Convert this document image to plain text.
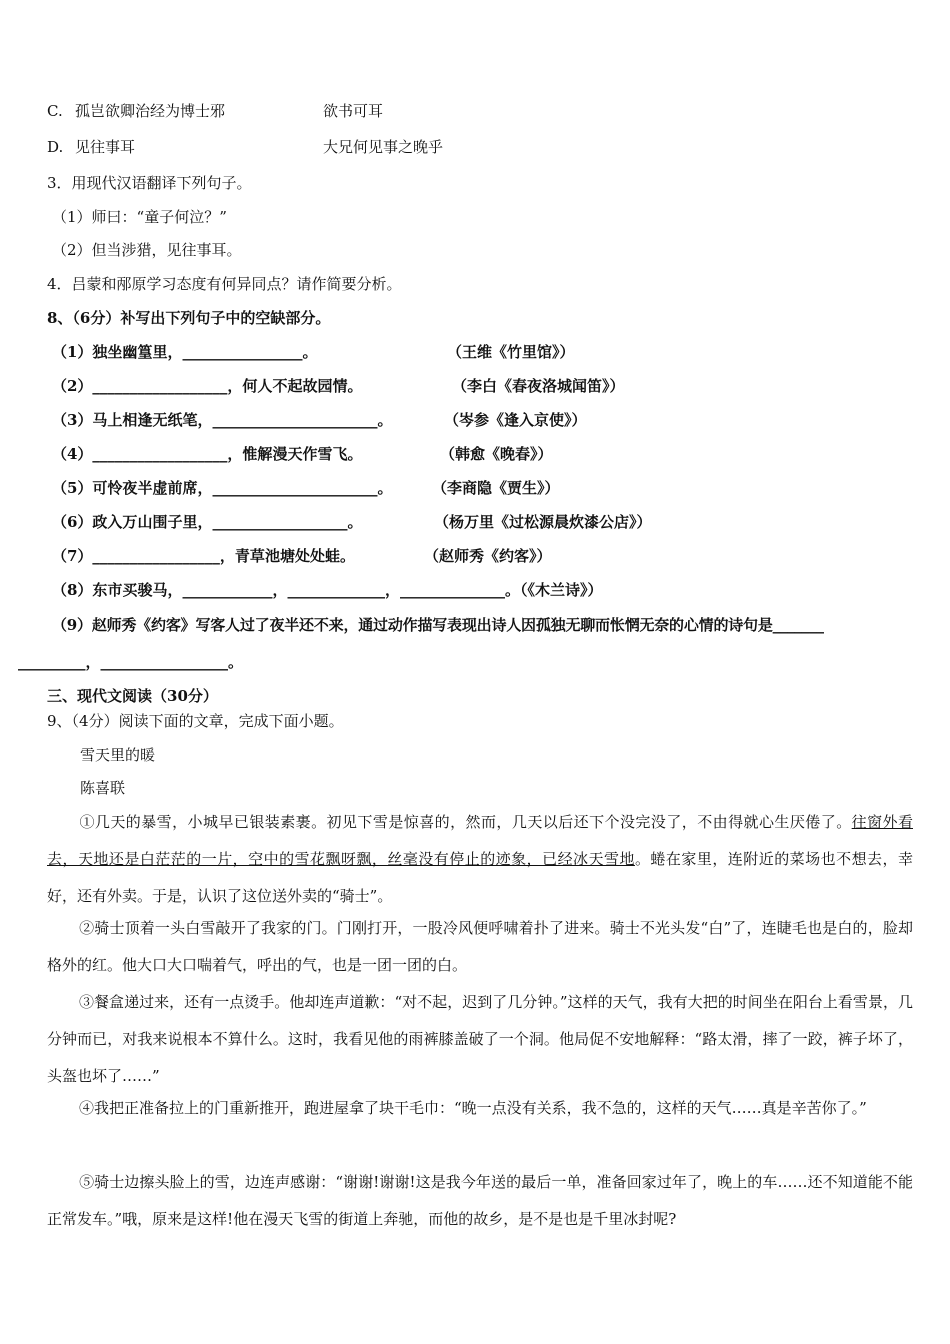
C. 孤岂欲卿治经为博士邪	欲书可耳
D. 见往事耳	大兄何见事之晚乎
3．用现代汉语翻译下列句子。
（1）师曰：“童子何泣？”
（2）但当涉猎，见往事耳。
4．吕蒙和邴原学习态度有何异同点？请作简要分析。
8、（6分）补写出下列句子中的空缺部分。
（1）独坐幽篁里，________________。	（王维《竹里馆》）
（2）__________________，何人不起故园情。	（李白《春夜洛城闻笛》）
（3）马上相逢无纸笔，______________________。	（岑参《逢入京使》）
（4）__________________，惟解漫天作雪飞。	（韩愈《晚春》）
（5）可怜夜半虚前席，______________________。	（李商隐《贾生》）
（6）政入万山围子里，__________________。	（杨万里《过松源晨炊漆公店》）
（7）_________________，青草池塘处处蛙。	（赵师秀《约客》）
（8）东市买骏马，____________，_____________，______________。（《木兰诗》）
（9）赵师秀《约客》写客人过了夜半还不来，通过动作描写表现出诗人因孤独无聊而怅惘无奈的心情的诗句是_______
_________，_________________。
三、现代文阅读（30分）
9、（4分）阅读下面的文章，完成下面小题。
雪天里的暖
陈喜联
①几天的暴雪，小城早已银装素裹。初见下雪是惊喜的，然而，几天以后还下个没完没了，不由得就心生厌倦了。往窗外看去，天地还是白茫茫的一片，空中的雪花飘呀飘，丝毫没有停止的迹象，已经冰天雪地。蜷在家里，连附近的菜场也不想去，幸好，还有外卖。于是，认识了这位送外卖的“骑士”。
②骑士顶着一头白雪敲开了我家的门。门刚打开，一股冷风便呼啸着扑了进来。骑士不光头发“白”了，连睫毛也是白的，脸却格外的红。他大口大口喘着气，呼出的气，也是一团一团的白。
③餐盒递过来，还有一点烫手。他却连声道歉：“对不起，迟到了几分钟。”这样的天气，我有大把的时间坐在阳台上看雪景，几分钟而已，对我来说根本不算什么。这时，我看见他的雨裤膝盖破了一个洞。他局促不安地解释：“路太滑，摔了一跤，裤子坏了，头盔也坏了……”
④我把正准备拉上的门重新推开，跑进屋拿了块干毛巾：“晚一点没有关系，我不急的，这样的天气……真是辛苦你了。”
⑤骑士边擦头脸上的雪，边连声感谢：“谢谢!谢谢!这是我今年送的最后一单，准备回家过年了，晚上的车……还不知道能不能正常发车。”哦，原来是这样!他在漫天飞雪的街道上奔驰，而他的故乡，是不是也是千里冰封呢?
